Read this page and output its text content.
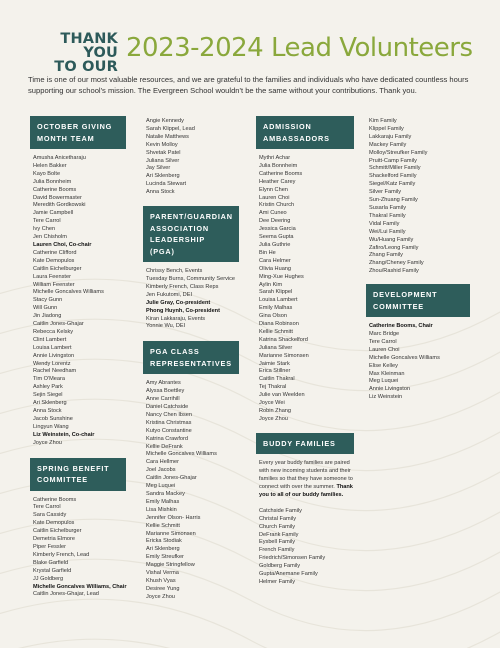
THANK YOU
TO OUR
2023-2024 Lead Volunteers
Time is one of our most valuable resources, and we are grateful to the families and individuals who have dedicated countless hours supporting our school's mission. The Evergreen School wouldn't be the same without your contributions. Thank you.
OCTOBER GIVING MONTH TEAM
Amusha Anicetharaju
Helen Bakker
Kayo Bolte
Julia Bonnheim
Catherine Booms
David Bowermaster
Meredith Gordkowski
Jamie Campbell
Tere Carrol
Ivy Chen
Jen Chisholm
Lauren Choi, Co-chair
Catherine Clifford
Kate Demopulos
Caitlin Eichelburger
Laura Feenster
William Feenster
Michelle Goncalves Williams
Stacy Gunn
Will Gunn
Jin Jiadong
Caitlin Jones-Ghajar
Rebecca Kelsky
Clint Lambert
Louisa Lambert
Annie Livingston
Wendy Lorentz
Rachel Needham
Tim O'Meara
Ashley Park
Sejin Siegel
Ari Sklenberg
Anna Stock
Jacob Sunshine
Lingyun Wang
Liz Weinstein, Co-chair
Joyce Zhou
SPRING BENEFIT COMMITTEE
Catherine Booms
Tere Carrol
Sara Cassidy
Kate Demopulos
Caitlin Eichelburger
Demetria Elmore
Piper Fessler
Kimberly French, Lead
Blake Garfield
Krystal Garfield
JJ Goldberg
Michelle Goncalves Williams, Chair
Caitlin Jones-Ghajar, Lead
Angie Kennedy
Sarah Klippel, Lead
Natalie Matthews
Kevin Molloy
Shvetak Patel
Juliana Silver
Jay Silver
Ari Sklenberg
Lucinda Stewart
Anna Stock
PARENT/GUARDIAN ASSOCIATION LEADERSHIP (PGA)
Chrissy Bench, Events
Tuesday Burns, Community Service
Kimberly French, Class Reps
Jen Fukutomi, DEI
Julie Gray, Co-president
Phong Huynh, Co-president
Kiran Lakkaraju, Events
Yonnie Wu, DEI
PGA CLASS REPRESENTATIVES
Amy Abrantes
Alyssa Boettley
Anne Carrihill
Daniel Catchside
Nancy Chen Ibsen
Kristina Christmas
Kutyo Constantine
Katrina Crawford
Kellie DeFrank
Michelle Goncalves Williams
Cara Hellmer
Joel Jacobs
Caitlin Jones-Ghajar
Meg Luquei
Sandra Mackey
Emily Malhas
Lisa Mishkin
Jennifer Olson- Harris
Kellie Schmitt
Marianne Simonsen
Ericka Stodiak
Ari Sklenberg
Emily Streufker
Maggie Stringfellow
Vishal Verma
Khush Vyas
Desiree Yung
Joyce Zhou
ADMISSION AMBASSADORS
Mythri Achar
Julia Bonnheim
Catherine Booms
Heather Carey
Elynn Chen
Lauren Choi
Kristin Church
Ami Cuneo
Dee Deering
Jessica Garcia
Seema Gupta
Julia Guthrie
Bin He
Cara Helmer
Olivia Huang
Ming-Xue Hughes
Aylin Kim
Sarah Klippel
Louisa Lambert
Emily Malhas
Gina Olson
Diana Robinson
Kellie Schmitt
Katrina Shackelford
Juliana Silver
Marianne Simonsen
Jaimie Stark
Erica Stillner
Caitlin Thakral
Tej Thakral
Julie van Weelden
Joyce Wei
Robin Zhang
Joyce Zhou
BUDDY FAMILIES
Every year buddy families are paired with new incoming students and their families so that they have someone to connect with over the summer. Thank you to all of our buddy families.
Catchside Family
Christal Family
Church Family
DeFrank Family
Eysbell Family
French Family
Friedrich/Simonsen Family
Goldberg Family
Gupta/Anemane Family
Helmer Family
Kim Family
Klippel Family
Lakkaraju Family
Mackey Family
Molloy/Streufker Family
Pruitt-Camp Family
Schmitt/Miller Family
Shackelford Family
Siegel/Katz Family
Silver Family
Sun-Zhuang Family
Susarla Family
Thakral Family
Vidal Family
Wei/Lui Family
Wu/Huang Family
Zafiro/Leong Family
Zhang Family
Zhang/Cheney Family
Zhou/Rashid Family
DEVELOPMENT COMMITTEE
Catherine Booms, Chair
Marc Bridge
Tere Carrol
Lauren Choi
Michelle Goncalves Williams
Elise Kelley
Max Kleinman
Meg Luquei
Annie Livingston
Liz Weinstein
